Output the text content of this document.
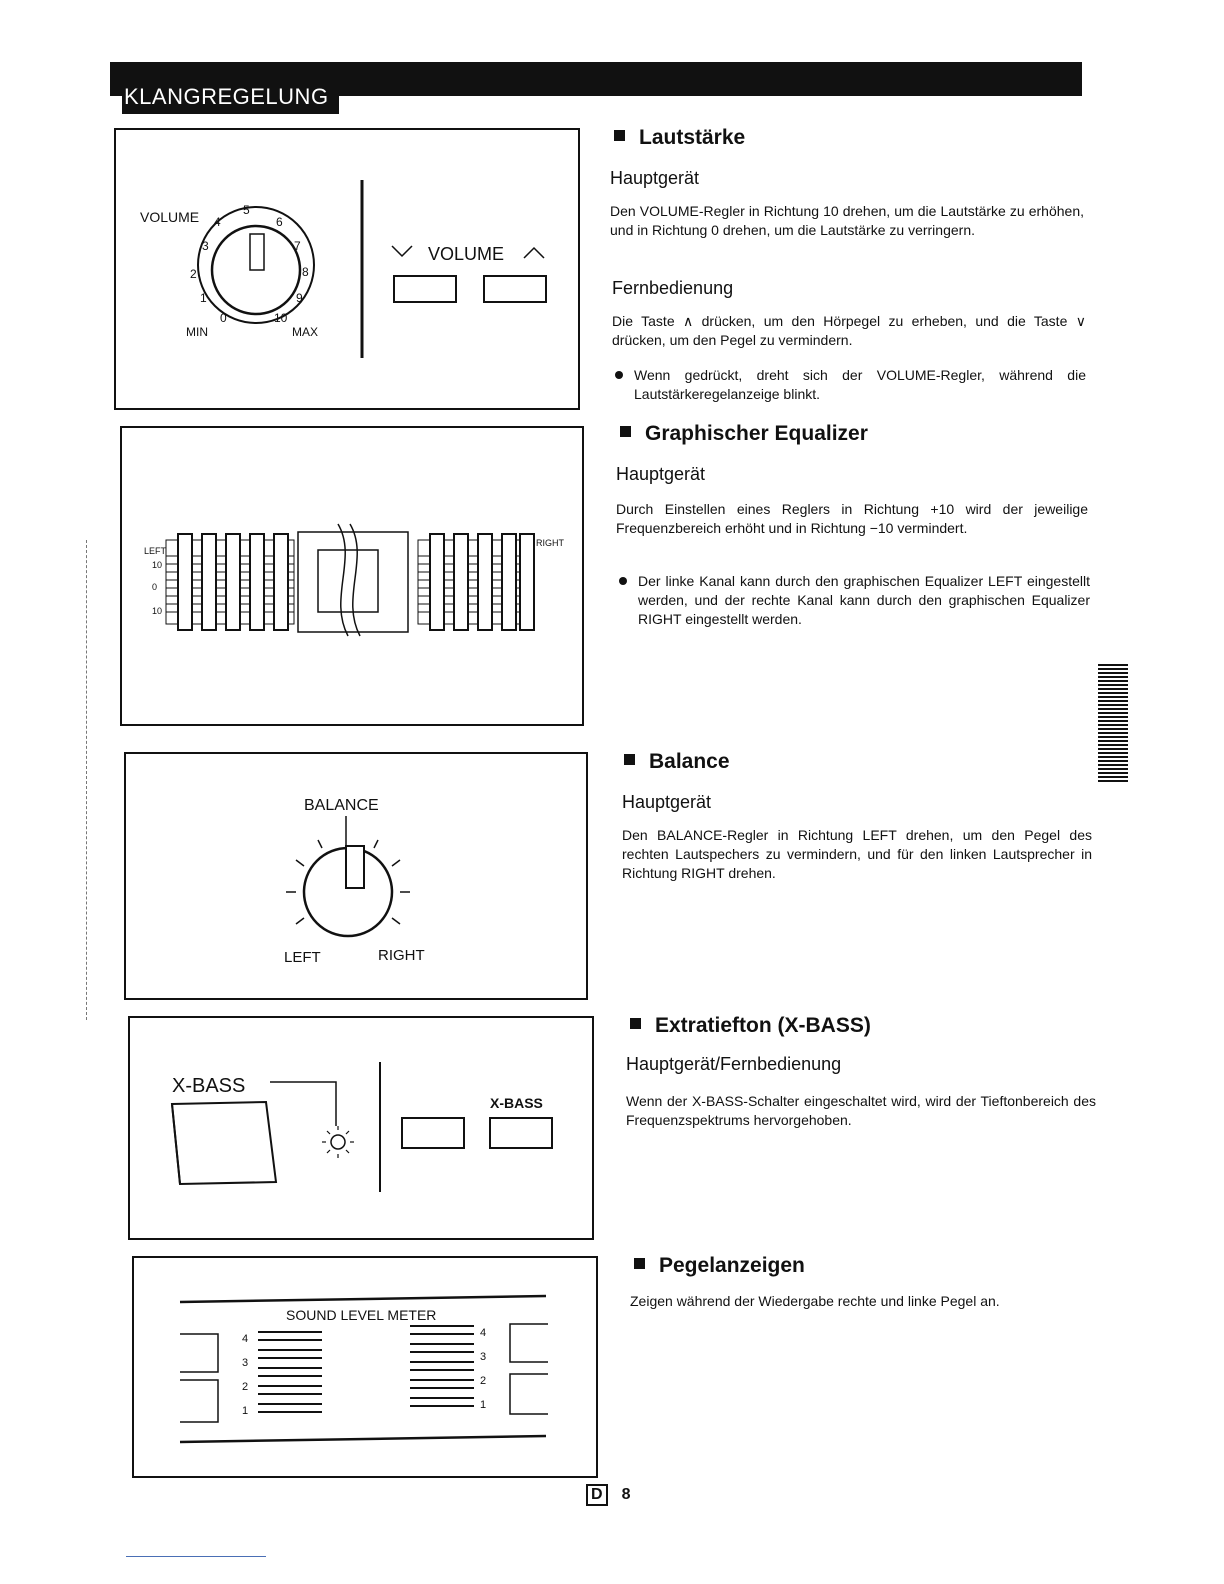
KLANGREGELUNG
VOLUME
3
4
5
6
7
2	8
1	9
0	10
MIN	MAX
VOLUME
LEFT
10
0
10
RIGHT
BALANCE
LEFT	RIGHT
X-BASS
X-BASS
SOUND LEVEL METER
4
3
2
1
4
3
2
1
Lautstärke
Hauptgerät
Den VOLUME-Regler in Richtung 10 drehen, um die Lautstärke zu erhöhen, und in Richtung 0 drehen, um die Lautstärke zu verringern.
Fernbedienung
Die Taste ∧ drücken, um den Hörpegel zu erheben, und die Taste ∨ drücken, um den Pegel zu vermindern.
Wenn gedrückt, dreht sich der VOLUME-Regler, während die Lautstärkeregelanzeige blinkt.
Graphischer Equalizer
Hauptgerät
Durch Einstellen eines Reglers in Richtung +10 wird der jeweilige Frequenzbereich erhöht und in Richtung −10 vermindert.
Der linke Kanal kann durch den graphischen Equalizer LEFT eingestellt werden, und der rechte Kanal kann durch den graphischen Equalizer RIGHT eingestellt werden.
Balance
Hauptgerät
Den BALANCE-Regler in Richtung LEFT drehen, um den Pegel des rechten Lautspechers zu vermindern, und für den linken Lautsprecher in Richtung RIGHT drehen.
Extratiefton (X-BASS)
Hauptgerät/Fernbedienung
Wenn der X-BASS-Schalter eingeschaltet wird, wird der Tieftonbereich des Frequenzspektrums hervorgehoben.
Pegelanzeigen
Zeigen während der Wiedergabe rechte und linke Pegel an.
D 8
